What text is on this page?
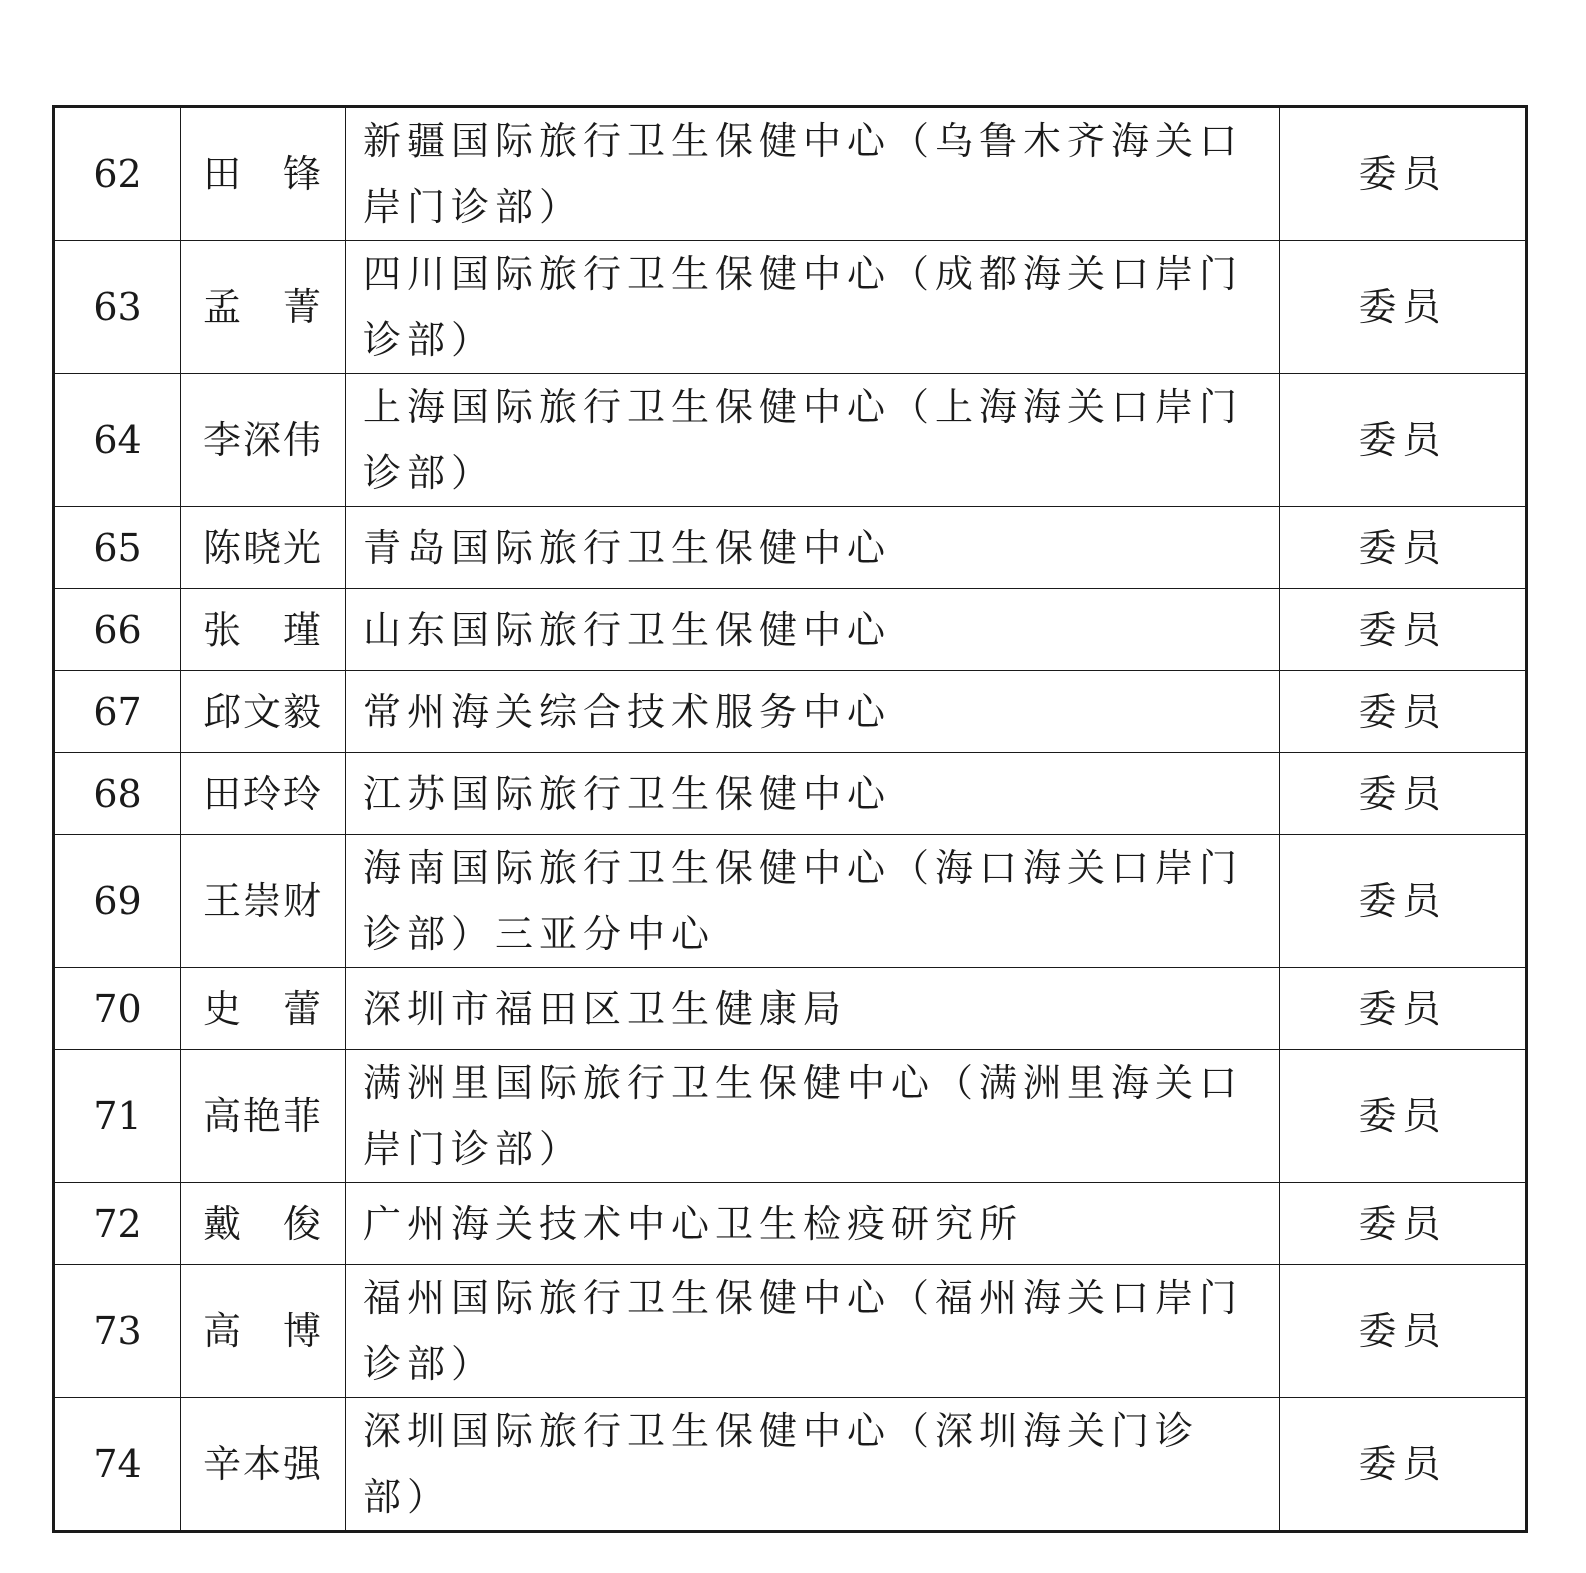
62	田　锋	新疆国际旅行卫生保健中心（乌鲁木齐海关口岸门诊部）	委员
63	孟　菁	四川国际旅行卫生保健中心（成都海关口岸门诊部）	委员
64	李深伟	上海国际旅行卫生保健中心（上海海关口岸门诊部）	委员
65	陈晓光	青岛国际旅行卫生保健中心	委员
66	张　瑾	山东国际旅行卫生保健中心	委员
67	邱文毅	常州海关综合技术服务中心	委员
68	田玲玲	江苏国际旅行卫生保健中心	委员
69	王崇财	海南国际旅行卫生保健中心（海口海关口岸门诊部）三亚分中心	委员
70	史　蕾	深圳市福田区卫生健康局	委员
71	高艳菲	满洲里国际旅行卫生保健中心（满洲里海关口岸门诊部）	委员
72	戴　俊	广州海关技术中心卫生检疫研究所	委员
73	高　博	福州国际旅行卫生保健中心（福州海关口岸门诊部）	委员
74	辛本强	深圳国际旅行卫生保健中心（深圳海关门诊部）	委员
